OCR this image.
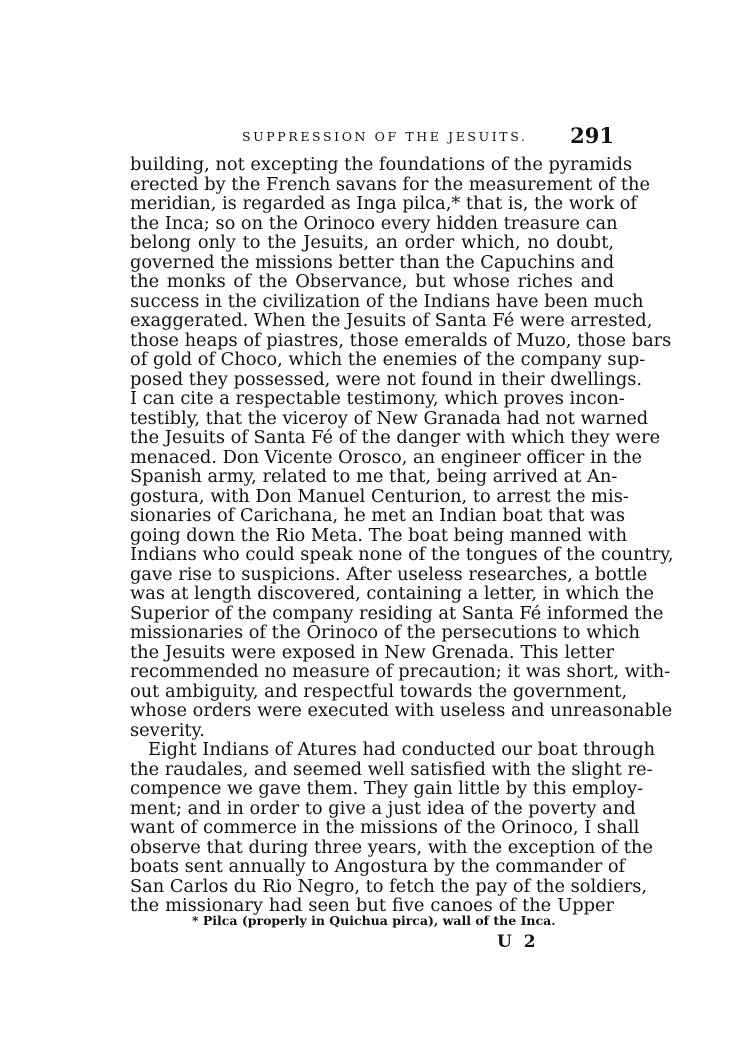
SUPPRESSION OF THE JESUITS. 291
building, not excepting the foundations of the pyramids
erected by the French savans for the measurement of the
meridian, is regarded as Inga pilca,* that is, the work of
the Inca; so on the Orinoco every hidden treasure can
belong only to the Jesuits, an order which, no doubt,
governed the missions better than the Capuchins and
the monks of the Observance, but whose riches and
success in the civilization of the Indians have been much
exaggerated. When the Jesuits of Santa Fé were arrested,
those heaps of piastres, those emeralds of Muzo, those bars
of gold of Choco, which the enemies of the company sup-
posed they possessed, were not found in their dwellings.
I can cite a respectable testimony, which proves incon-
testibly, that the viceroy of New Granada had not warned
the Jesuits of Santa Fé of the danger with which they were
menaced. Don Vicente Orosco, an engineer officer in the
Spanish army, related to me that, being arrived at An-
gostura, with Don Manuel Centurion, to arrest the mis-
sionaries of Carichana, he met an Indian boat that was
going down the Rio Meta. The boat being manned with
Indians who could speak none of the tongues of the country,
gave rise to suspicions. After useless researches, a bottle
was at length discovered, containing a letter, in which the
Superior of the company residing at Santa Fé informed the
missionaries of the Orinoco of the persecutions to which
the Jesuits were exposed in New Grenada. This letter
recommended no measure of precaution; it was short, with-
out ambiguity, and respectful towards the government,
whose orders were executed with useless and unreasonable
severity.
Eight Indians of Atures had conducted our boat through
the raudales, and seemed well satisfied with the slight re-
compence we gave them. They gain little by this employ-
ment; and in order to give a just idea of the poverty and
want of commerce in the missions of the Orinoco, I shall
observe that during three years, with the exception of the
boats sent annually to Angostura by the commander of
San Carlos du Rio Negro, to fetch the pay of the soldiers,
the missionary had seen but five canoes of the Upper
* Pilca (properly in Quichua pirca), wall of the Inca.
U 2
